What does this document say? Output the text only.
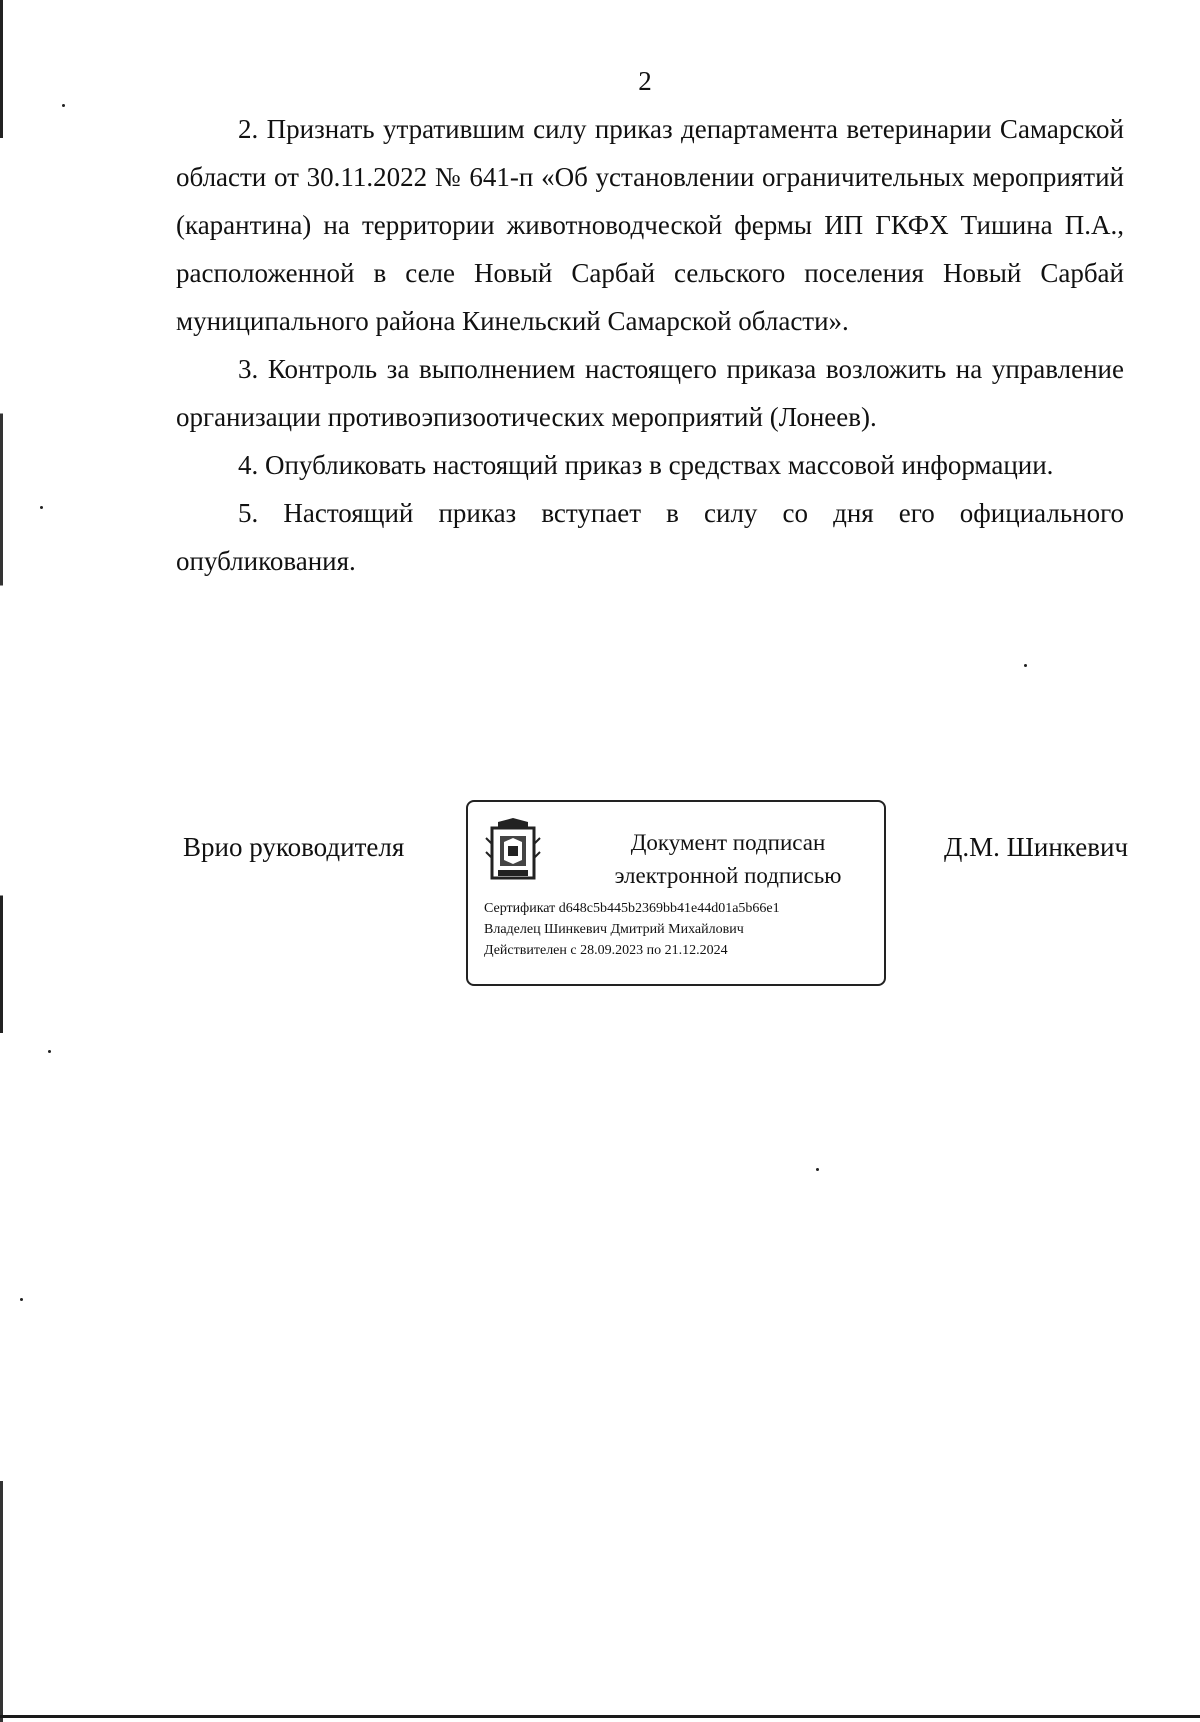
2

2. Признать утратившим силу приказ департамента ветеринарии Самарской области от 30.11.2022 № 641-п «Об установлении ограничительных мероприятий (карантина) на территории животноводческой фермы ИП ГКФХ Тишина П.А., расположенной в селе Новый Сарбай сельского поселения Новый Сарбай муниципального района Кинельский Самарской области».

3. Контроль за выполнением настоящего приказа возложить на управление организации противоэпизоотических мероприятий (Лонеев).

4. Опубликовать настоящий приказ в средствах массовой информации.

5. Настоящий приказ вступает в силу со дня его официального опубликования.

Врио руководителя	Документ подписан
электронной подписью
Сертификат d648c5b445b2369bb41e44d01a5b66e1
Владелец Шинкевич Дмитрий Михайлович
Действителен с 28.09.2023 по 21.12.2024
Д.М. Шинкевич
